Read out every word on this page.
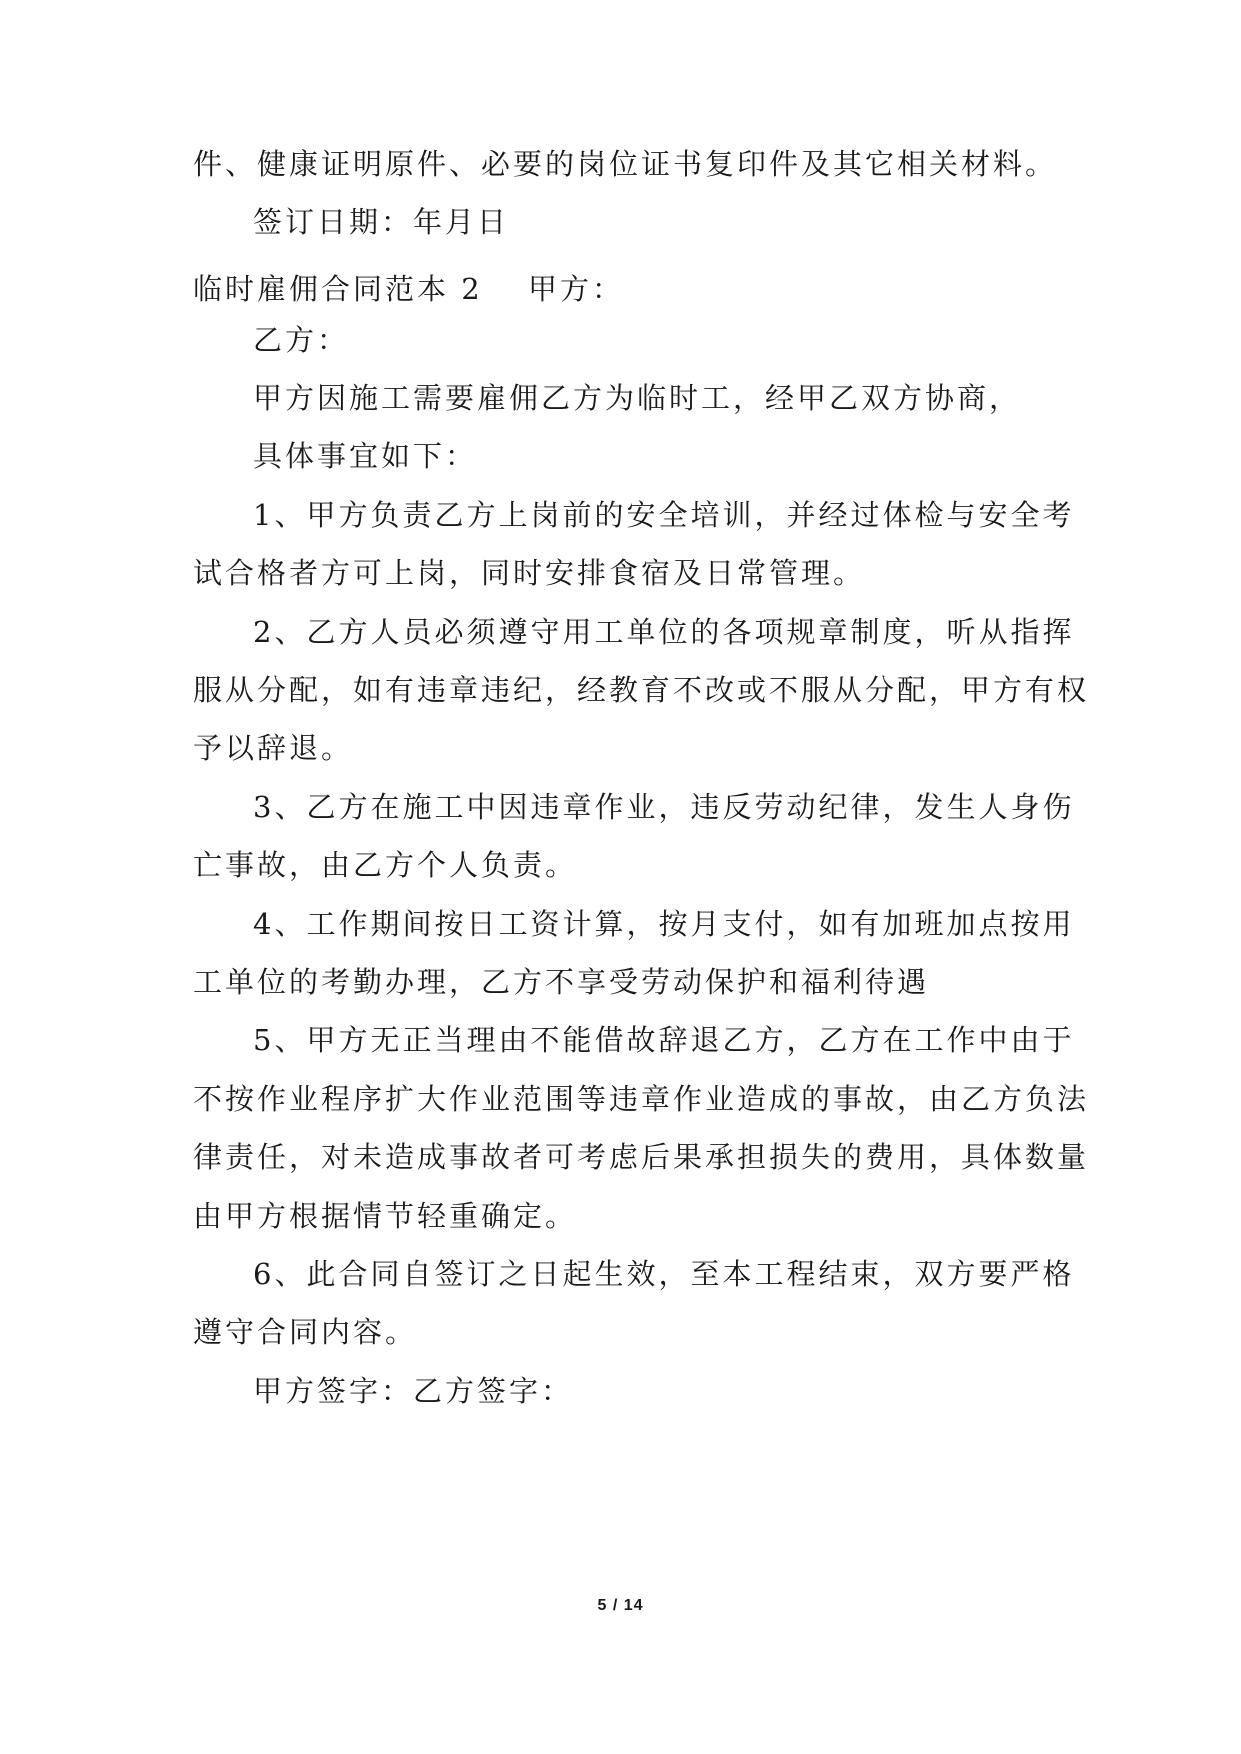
件、健康证明原件、必要的岗位证书复印件及其它相关材料。
签订日期：年月日
临时雇佣合同范本 2 甲方：
乙方：
甲方因施工需要雇佣乙方为临时工，经甲乙双方协商，
具体事宜如下：
1、甲方负责乙方上岗前的安全培训，并经过体检与安全考
试合格者方可上岗，同时安排食宿及日常管理。
2、乙方人员必须遵守用工单位的各项规章制度，听从指挥
服从分配，如有违章违纪，经教育不改或不服从分配，甲方有权
予以辞退。
3、乙方在施工中因违章作业，违反劳动纪律，发生人身伤
亡事故，由乙方个人负责。
4、工作期间按日工资计算，按月支付，如有加班加点按用
工单位的考勤办理，乙方不享受劳动保护和福利待遇
5、甲方无正当理由不能借故辞退乙方，乙方在工作中由于
不按作业程序扩大作业范围等违章作业造成的事故，由乙方负法
律责任，对未造成事故者可考虑后果承担损失的费用，具体数量
由甲方根据情节轻重确定。
6、此合同自签订之日起生效，至本工程结束，双方要严格
遵守合同内容。
甲方签字：乙方签字：
5 / 14
